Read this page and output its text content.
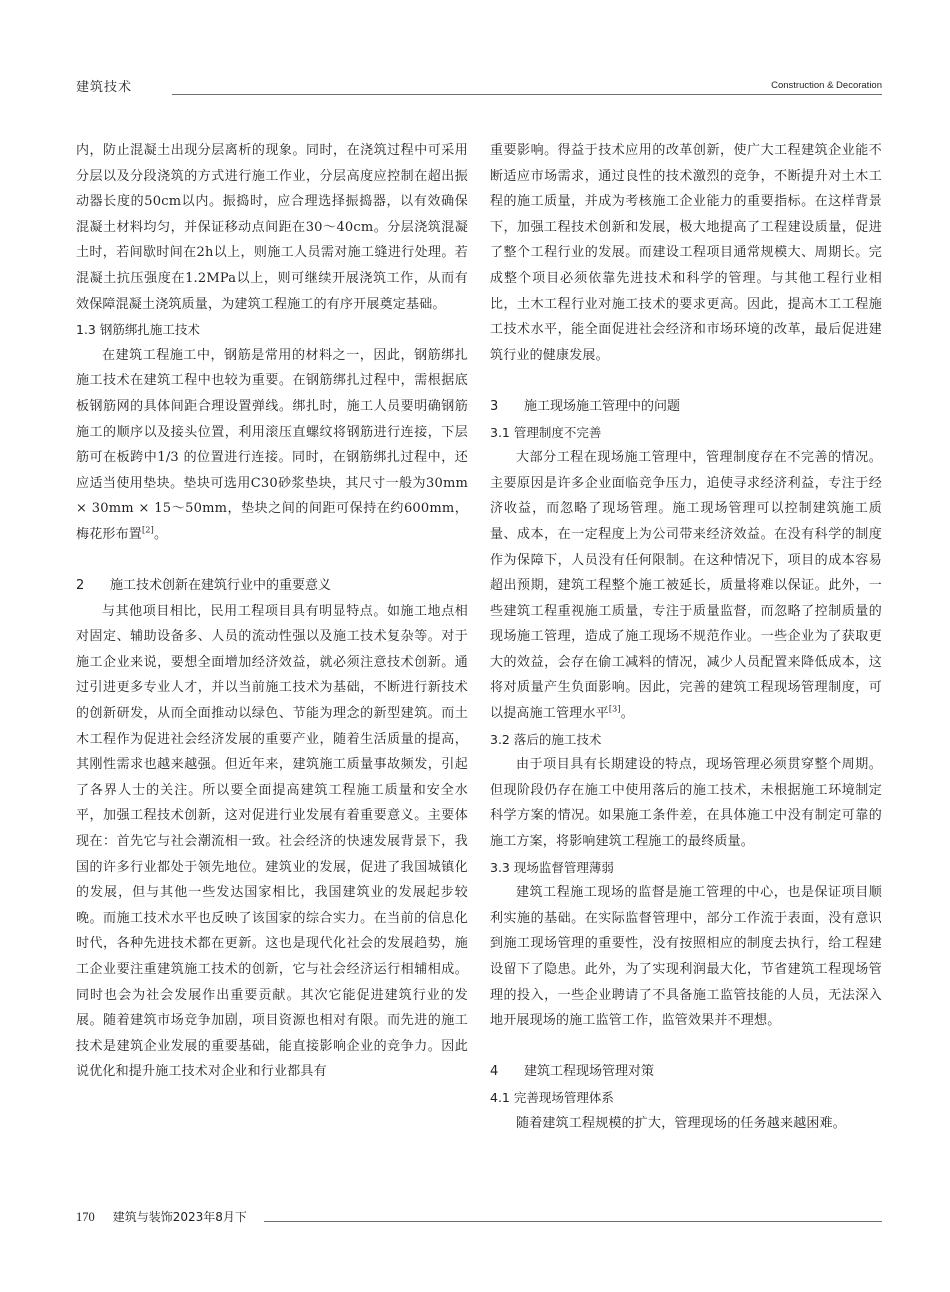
建筑技术	Construction & Decoration

内，防止混凝土出现分层离析的现象。同时，在浇筑过程中可采用分层以及分段浇筑的方式进行施工作业，分层高度应控制在超出振动器长度的50cm以内。振捣时，应合理选择振捣器，以有效确保混凝土材料均匀，并保证移动点间距在30～40cm。分层浇筑混凝土时，若间歇时间在2h以上，则施工人员需对施工缝进行处理。若混凝土抗压强度在1.2MPa以上，则可继续开展浇筑工作，从而有效保障混凝土浇筑质量，为建筑工程施工的有序开展奠定基础。

1.3 钢筋绑扎施工技术

在建筑工程施工中，钢筋是常用的材料之一，因此，钢筋绑扎施工技术在建筑工程中也较为重要。在钢筋绑扎过程中，需根据底板钢筋网的具体间距合理设置弹线。绑扎时，施工人员要明确钢筋施工的顺序以及接头位置，利用滚压直螺纹将钢筋进行连接，下层筋可在板跨中1/3 的位置进行连接。同时，在钢筋绑扎过程中，还应适当使用垫块。垫块可选用C30砂浆垫块，其尺寸一般为30mm × 30mm × 15～50mm，垫块之间的间距可保持在约600mm，梅花形布置[2]。

2 施工技术创新在建筑行业中的重要意义

与其他项目相比，民用工程项目具有明显特点。如施工地点相对固定、辅助设备多、人员的流动性强以及施工技术复杂等。对于施工企业来说，要想全面增加经济效益，就必须注意技术创新。通过引进更多专业人才，并以当前施工技术为基础，不断进行新技术的创新研发，从而全面推动以绿色、节能为理念的新型建筑。而土木工程作为促进社会经济发展的重要产业，随着生活质量的提高，其刚性需求也越来越强。但近年来，建筑施工质量事故频发，引起了各界人士的关注。所以要全面提高建筑工程施工质量和安全水平，加强工程技术创新，这对促进行业发展有着重要意义。主要体现在：首先它与社会潮流相一致。社会经济的快速发展背景下，我国的许多行业都处于领先地位。建筑业的发展，促进了我国城镇化的发展，但与其他一些发达国家相比，我国建筑业的发展起步较晚。而施工技术水平也反映了该国家的综合实力。在当前的信息化时代，各种先进技术都在更新。这也是现代化社会的发展趋势，施工企业要注重建筑施工技术的创新，它与社会经济运行相辅相成。同时也会为社会发展作出重要贡献。其次它能促进建筑行业的发展。随着建筑市场竞争加剧，项目资源也相对有限。而先进的施工技术是建筑企业发展的重要基础，能直接影响企业的竞争力。因此说优化和提升施工技术对企业和行业都具有

重要影响。得益于技术应用的改革创新，使广大工程建筑企业能不断适应市场需求，通过良性的技术激烈的竞争，不断提升对土木工程的施工质量，并成为考核施工企业能力的重要指标。在这样背景下，加强工程技术创新和发展，极大地提高了工程建设质量，促进了整个工程行业的发展。而建设工程项目通常规模大、周期长。完成整个项目必须依靠先进技术和科学的管理。与其他工程行业相比，土木工程行业对施工技术的要求更高。因此，提高木工工程施工技术水平，能全面促进社会经济和市场环境的改革，最后促进建筑行业的健康发展。

3 施工现场施工管理中的问题
3.1 管理制度不完善

大部分工程在现场施工管理中，管理制度存在不完善的情况。主要原因是许多企业面临竞争压力，追使寻求经济利益，专注于经济收益，而忽略了现场管理。施工现场管理可以控制建筑施工质量、成本，在一定程度上为公司带来经济效益。在没有科学的制度作为保障下，人员没有任何限制。在这种情况下，项目的成本容易超出预期，建筑工程整个施工被延长，质量将难以保证。此外，一些建筑工程重视施工质量，专注于质量监督，而忽略了控制质量的现场施工管理，造成了施工现场不规范作业。一些企业为了获取更大的效益，会存在偷工减料的情况，减少人员配置来降低成本，这将对质量产生负面影响。因此，完善的建筑工程现场管理制度，可以提高施工管理水平[3]。

3.2 落后的施工技术

由于项目具有长期建设的特点，现场管理必须贯穿整个周期。但现阶段仍存在施工中使用落后的施工技术，未根据施工环境制定科学方案的情况。如果施工条件差，在具体施工中没有制定可靠的施工方案，将影响建筑工程施工的最终质量。

3.3 现场监督管理薄弱

建筑工程施工现场的监督是施工管理的中心，也是保证项目顺利实施的基础。在实际监督管理中，部分工作流于表面，没有意识到施工现场管理的重要性，没有按照相应的制度去执行，给工程建设留下了隐患。此外，为了实现利润最大化，节省建筑工程现场管理的投入，一些企业聘请了不具备施工监管技能的人员，无法深入地开展现场的施工监管工作，监管效果并不理想。

4 建筑工程现场管理对策
4.1 完善现场管理体系

随着建筑工程规模的扩大，管理现场的任务越来越困难。

170 建筑与装饰2023年8月下
